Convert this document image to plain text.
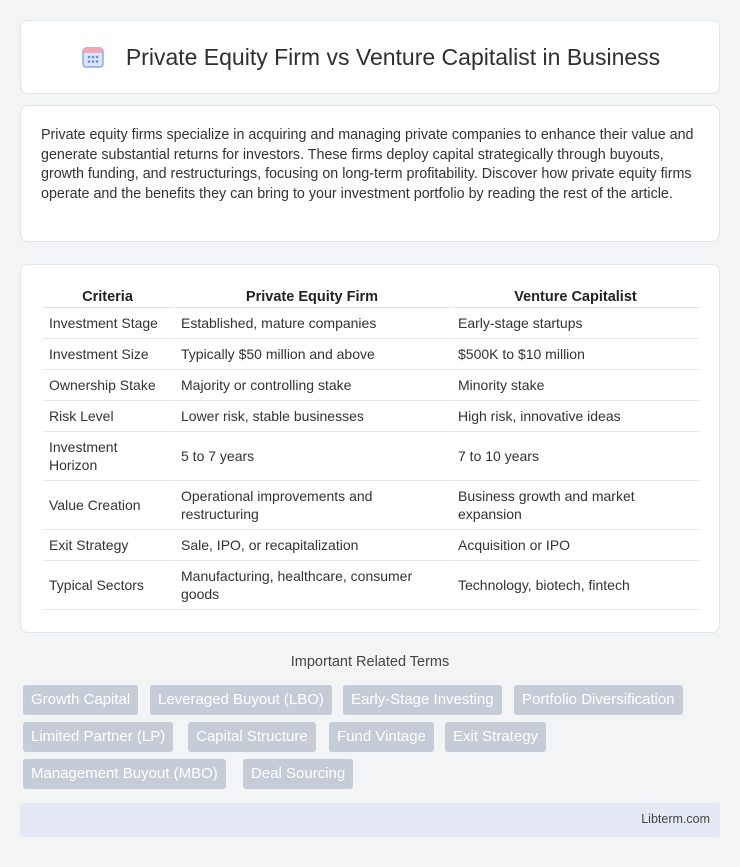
Private Equity Firm vs Venture Capitalist in Business

Private equity firms specialize in acquiring and managing private companies to enhance their value and generate substantial returns for investors. These firms deploy capital strategically through buyouts, growth funding, and restructurings, focusing on long-term profitability. Discover how private equity firms operate and the benefits they can bring to your investment portfolio by reading the rest of the article.

Criteria	Private Equity Firm	Venture Capitalist
Investment Stage	Established, mature companies	Early-stage startups
Investment Size	Typically $50 million and above	$500K to $10 million
Ownership Stake	Majority or controlling stake	Minority stake
Risk Level	Lower risk, stable businesses	High risk, innovative ideas
Investment Horizon	5 to 7 years	7 to 10 years
Value Creation	Operational improvements and restructuring	Business growth and market expansion
Exit Strategy	Sale, IPO, or recapitalization	Acquisition or IPO
Typical Sectors	Manufacturing, healthcare, consumer goods	Technology, biotech, fintech
Important Related Terms
Growth Capital	Leveraged Buyout (LBO)	Early-Stage Investing	Portfolio Diversification
Limited Partner (LP)	Capital Structure	Fund Vintage	Exit Strategy
Management Buyout (MBO)	Deal Sourcing
Libterm.com
